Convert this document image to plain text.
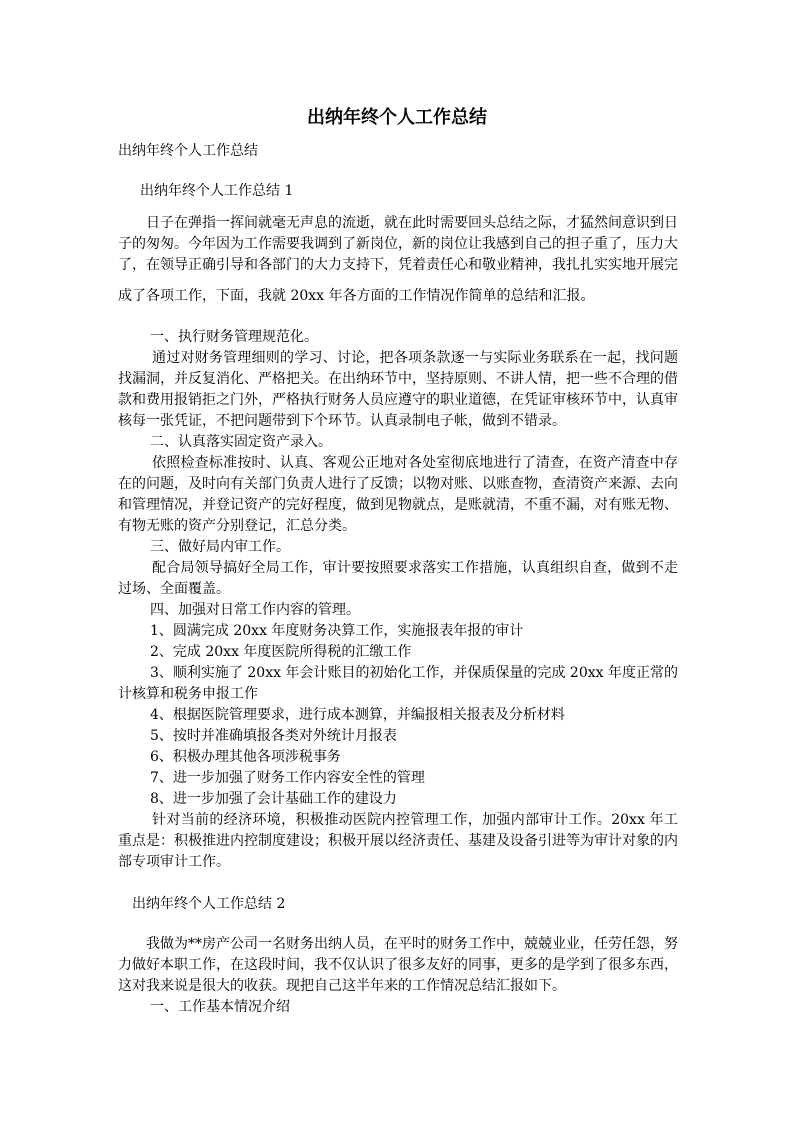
出纳年终个人工作总结
出纳年终个人工作总结
出纳年终个人工作总结 1
日子在弹指一挥间就毫无声息的流逝，就在此时需要回头总结之际，才猛然间意识到日
子的匆匆。今年因为工作需要我调到了新岗位，新的岗位让我感到自己的担子重了，压力大
了，在领导正确引导和各部门的大力支持下，凭着责任心和敬业精神，我扎扎实实地开展完
成了各项工作，下面，我就 20xx 年各方面的工作情况作简单的总结和汇报。
一、执行财务管理规范化。
通过对财务管理细则的学习、讨论，把各项条款逐一与实际业务联系在一起，找问题
找漏洞，并反复消化、严格把关。在出纳环节中，坚持原则、不讲人情，把一些不合理的借
款和费用报销拒之门外，严格执行财务人员应遵守的职业道德，在凭证审核环节中，认真审
核每一张凭证，不把问题带到下个环节。认真录制电子帐，做到不错录。
二、认真落实固定资产录入。
依照检查标准按时、认真、客观公正地对各处室彻底地进行了清查，在资产清查中存
在的问题，及时向有关部门负责人进行了反馈；以物对账、以账查物，查清资产来源、去向
和管理情况，并登记资产的完好程度，做到见物就点，是账就清，不重不漏，对有账无物、
有物无账的资产分别登记，汇总分类。
三、做好局内审工作。
配合局领导搞好全局工作，审计要按照要求落实工作措施，认真组织自查，做到不走
过场、全面覆盖。
四、加强对日常工作内容的管理。
1、圆满完成 20xx 年度财务决算工作，实施报表年报的审计
2、完成 20xx 年度医院所得税的汇缴工作
3、顺利实施了 20xx 年会计账目的初始化工作，并保质保量的完成 20xx 年度正常的
计核算和税务申报工作
4、根据医院管理要求，进行成本测算，并编报相关报表及分析材料
5、按时并准确填报各类对外统计月报表
6、积极办理其他各项涉税事务
7、进一步加强了财务工作内容安全性的管理
8、进一步加强了会计基础工作的建设力
针对当前的经济环境，积极推动医院内控管理工作，加强内部审计工作。20xx 年工
重点是：积极推进内控制度建设；积极开展以经济责任、基建及设备引进等为审计对象的内
部专项审计工作。
出纳年终个人工作总结 2
我做为**房产公司一名财务出纳人员，在平时的财务工作中，兢兢业业，任劳任怨，努
力做好本职工作，在这段时间，我不仅认识了很多友好的同事，更多的是学到了很多东西，
这对我来说是很大的收获。现把自己这半年来的工作情况总结汇报如下。
一、工作基本情况介绍
